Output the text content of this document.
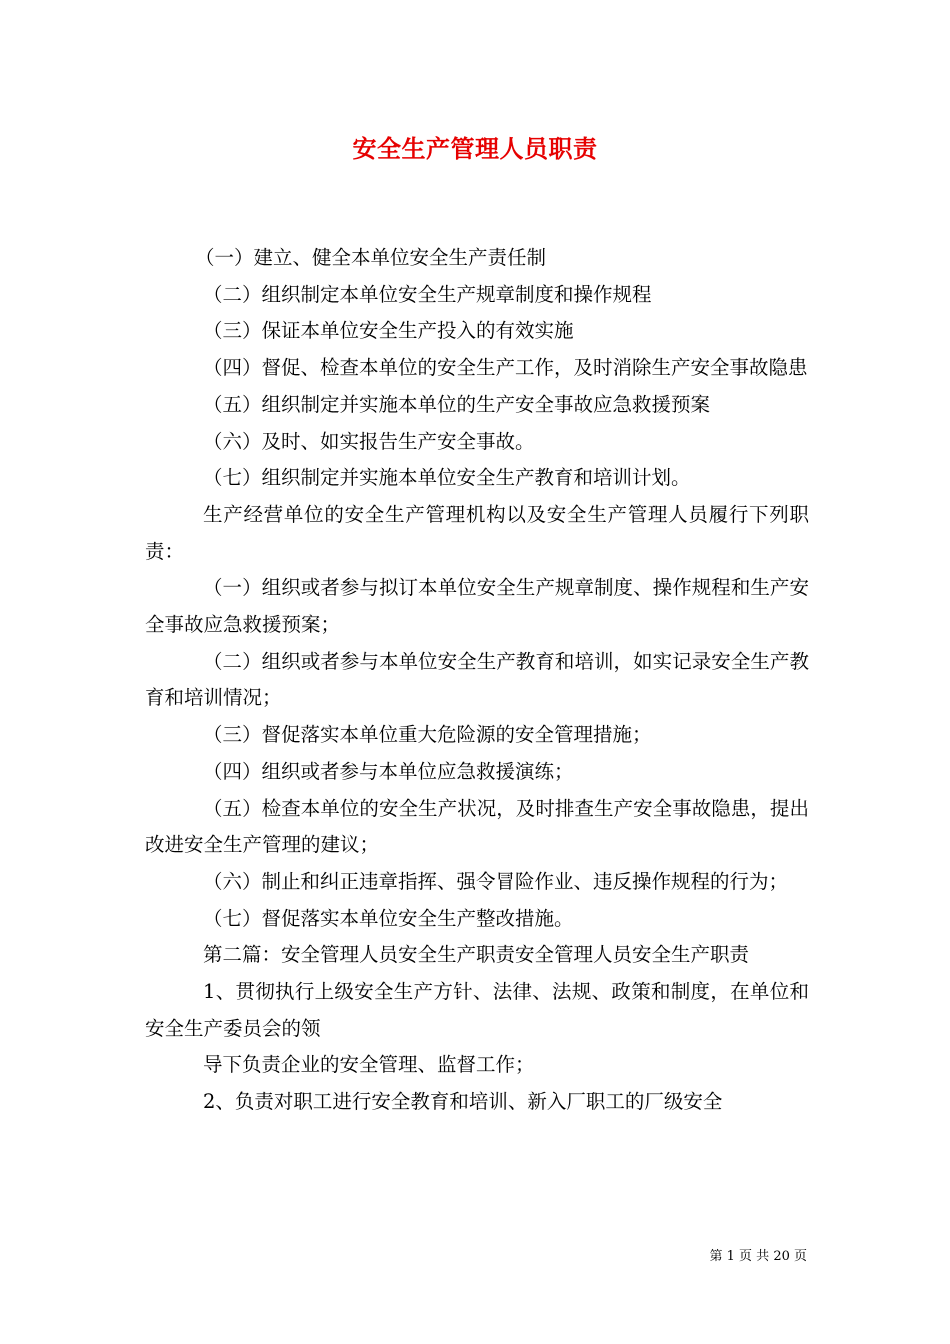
安全生产管理人员职责

（一）建立、健全本单位安全生产责任制

（二）组织制定本单位安全生产规章制度和操作规程

（三）保证本单位安全生产投入的有效实施

（四）督促、检查本单位的安全生产工作，及时消除生产安全事故隐患

（五）组织制定并实施本单位的生产安全事故应急救援预案

（六）及时、如实报告生产安全事故。

（七）组织制定并实施本单位安全生产教育和培训计划。

生产经营单位的安全生产管理机构以及安全生产管理人员履行下列职责：

（一）组织或者参与拟订本单位安全生产规章制度、操作规程和生产安全事故应急救援预案；

（二）组织或者参与本单位安全生产教育和培训，如实记录安全生产教育和培训情况；

（三）督促落实本单位重大危险源的安全管理措施；

（四）组织或者参与本单位应急救援演练；

（五）检查本单位的安全生产状况，及时排查生产安全事故隐患，提出改进安全生产管理的建议；

（六）制止和纠正违章指挥、强令冒险作业、违反操作规程的行为；

（七）督促落实本单位安全生产整改措施。

第二篇：安全管理人员安全生产职责安全管理人员安全生产职责

1、贯彻执行上级安全生产方针、法律、法规、政策和制度，在单位和安全生产委员会的领

导下负责企业的安全管理、监督工作；

2、负责对职工进行安全教育和培训、新入厂职工的厂级安全

第 1 页 共 20 页
